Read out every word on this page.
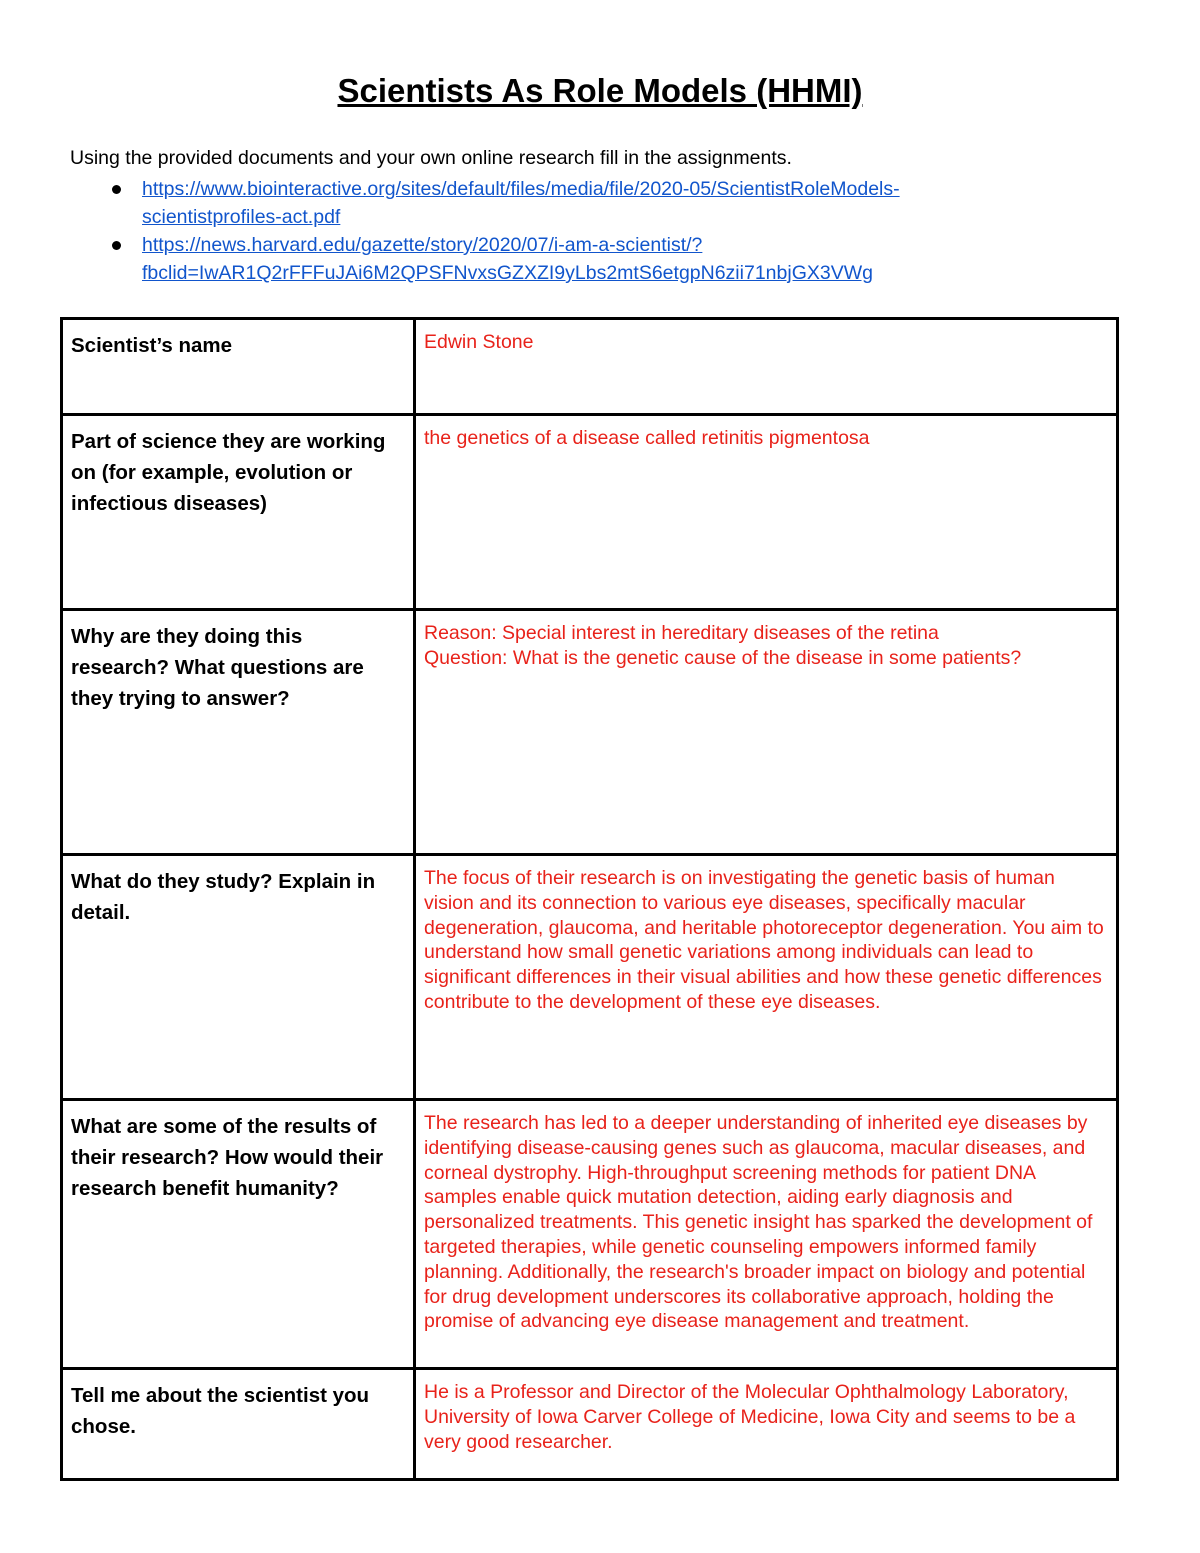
Scientists As Role Models (HHMI)
Using the provided documents and your own online research fill in the assignments.
https://www.biointeractive.org/sites/default/files/media/file/2020-05/ScientistRoleModels-
scientistprofiles-act.pdf
https://news.harvard.edu/gazette/story/2020/07/i-am-a-scientist/?
fbclid=IwAR1Q2rFFFuJAi6M2QPSFNvxsGZXZI9yLbs2mtS6etgpN6zii71nbjGX3VWg
Scientist’s name	Edwin Stone
Part of science they are working on (for example, evolution or infectious diseases)	the genetics of a disease called retinitis pigmentosa
Why are they doing this research? What questions are they trying to answer?	Reason: Special interest in hereditary diseases of the retina
Question: What is the genetic cause of the disease in some patients?

What do they study? Explain in detail.	The focus of their research is on investigating the genetic basis of human vision and its connection to various eye diseases, specifically macular degeneration, glaucoma, and heritable photoreceptor degeneration. You aim to understand how small genetic variations among individuals can lead to significant differences in their visual abilities and how these genetic differences contribute to the development of these eye diseases.
What are some of the results of their research? How would their research benefit humanity?	The research has led to a deeper understanding of inherited eye diseases by identifying disease-causing genes such as glaucoma, macular diseases, and corneal dystrophy. High-throughput screening methods for patient DNA samples enable quick mutation detection, aiding early diagnosis and personalized treatments. This genetic insight has sparked the development of targeted therapies, while genetic counseling empowers informed family planning. Additionally, the research's broader impact on biology and potential for drug development underscores its collaborative approach, holding the promise of advancing eye disease management and treatment.
Tell me about the scientist you chose.	He is a Professor and Director of the Molecular Ophthalmology Laboratory, University of Iowa Carver College of Medicine, Iowa City and seems to be a very good researcher.
